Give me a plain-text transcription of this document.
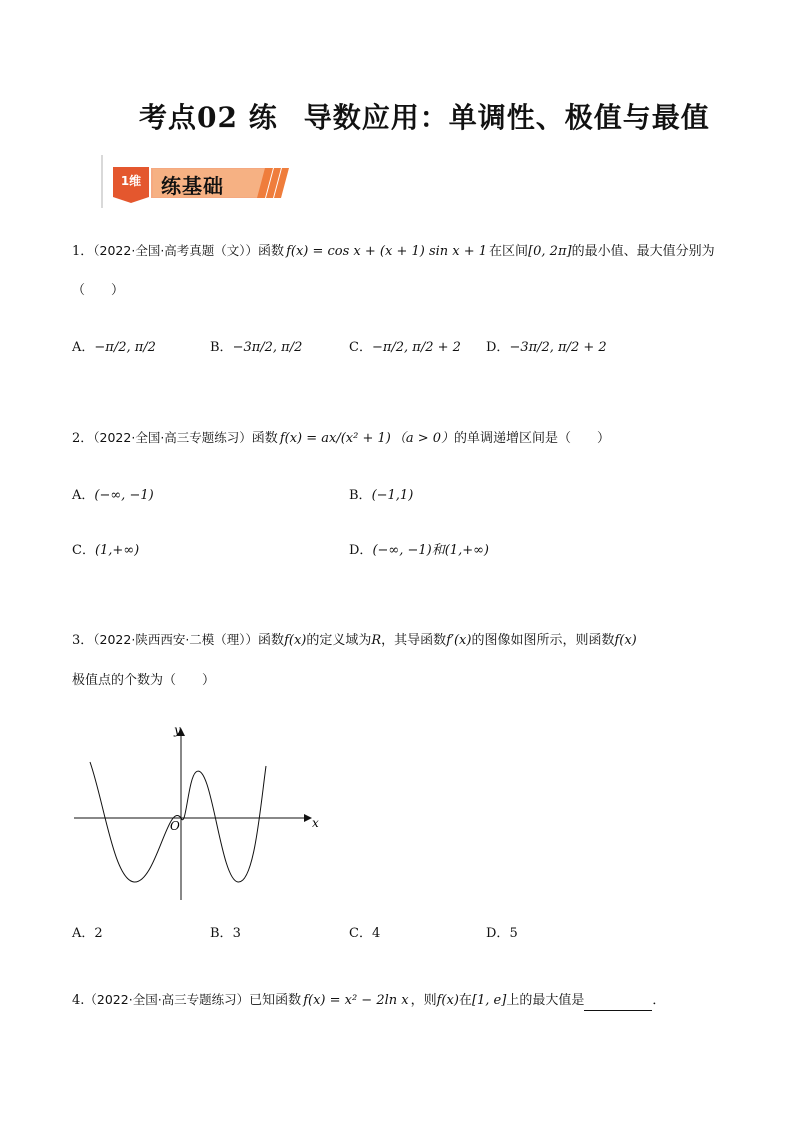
考点02 练 导数应用：单调性、极值与最值
1维 练基础
1．（2022·全国·高考真题（文））函数 f(x) = cos x + (x + 1) sin x + 1 在区间[0, 2π]的最小值、最大值分别为
（　　）
A．−π/2, π/2	B．−3π/2, π/2	C．−π/2, π/2 + 2 D．−3π/2, π/2 + 2
2．（2022·全国·高三专题练习）函数 f(x) = ax/(x² + 1) （a > 0）的单调递增区间是（　　）
A．(−∞, −1)	B．(−1,1)
C．(1,+∞)	D．(−∞, −1)和(1,+∞)
3．（2022·陕西西安·二模（理））函数f(x)的定义域为R，其导函数f′(x)的图像如图所示，则函数f(x)
极值点的个数为（　　）
x
y
O
A．2	B．3	C．4	D．5
4.（2022·全国·高三专题练习）已知函数 f(x) = x² − 2ln x ，则f(x)在[1, e]上的最大值是	．
